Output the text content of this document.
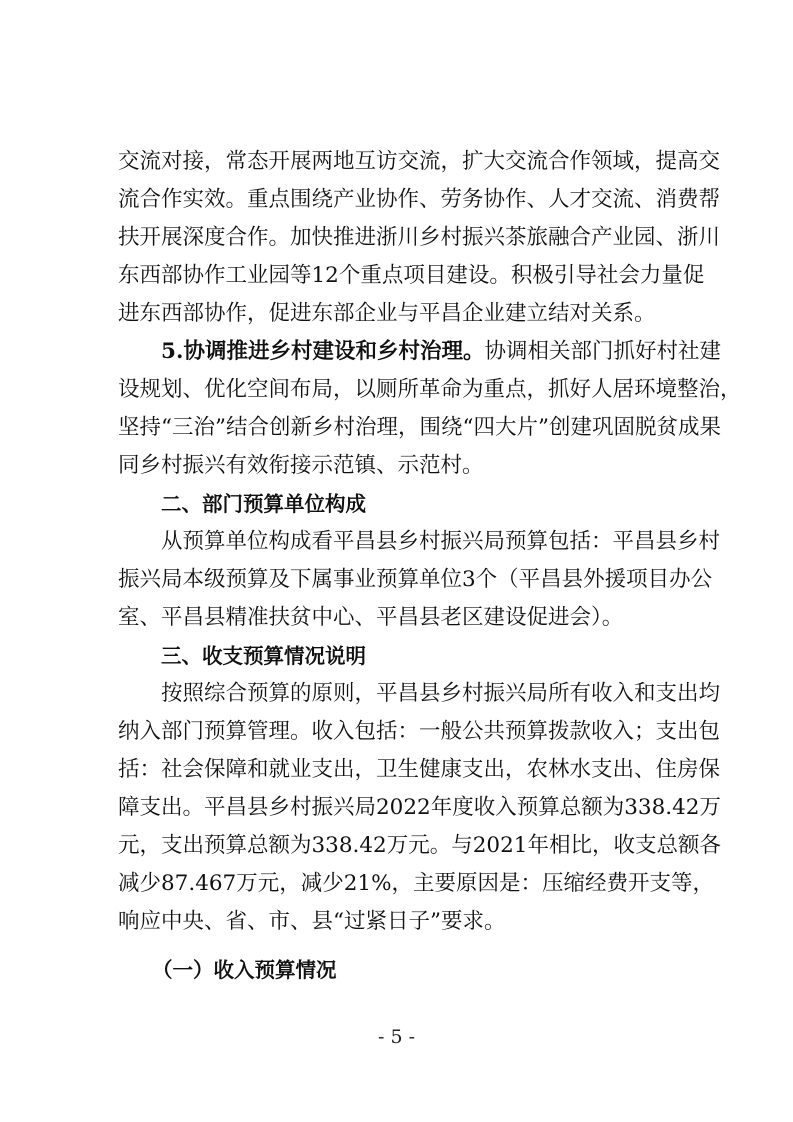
交流对接，常态开展两地互访交流，扩大交流合作领域，提高交
流合作实效。重点围绕产业协作、劳务协作、人才交流、消费帮
扶开展深度合作。加快推进浙川乡村振兴茶旅融合产业园、浙川
东西部协作工业园等12个重点项目建设。积极引导社会力量促
进东西部协作，促进东部企业与平昌企业建立结对关系。
5.协调推进乡村建设和乡村治理。协调相关部门抓好村社建
设规划、优化空间布局，以厕所革命为重点，抓好人居环境整治，
坚持“三治”结合创新乡村治理，围绕“四大片”创建巩固脱贫成果
同乡村振兴有效衔接示范镇、示范村。
二、部门预算单位构成
从预算单位构成看平昌县乡村振兴局预算包括：平昌县乡村
振兴局本级预算及下属事业预算单位3个（平昌县外援项目办公
室、平昌县精准扶贫中心、平昌县老区建设促进会）。
三、收支预算情况说明
按照综合预算的原则，平昌县乡村振兴局所有收入和支出均
纳入部门预算管理。收入包括：一般公共预算拨款收入；支出包
括：社会保障和就业支出，卫生健康支出，农林水支出、住房保
障支出。平昌县乡村振兴局2022年度收入预算总额为338.42万
元，支出预算总额为338.42万元。与2021年相比，收支总额各
减少87.467万元，减少21%，主要原因是：压缩经费开支等，
响应中央、省、市、县“过紧日子”要求。
（一）收入预算情况
- 5 -
